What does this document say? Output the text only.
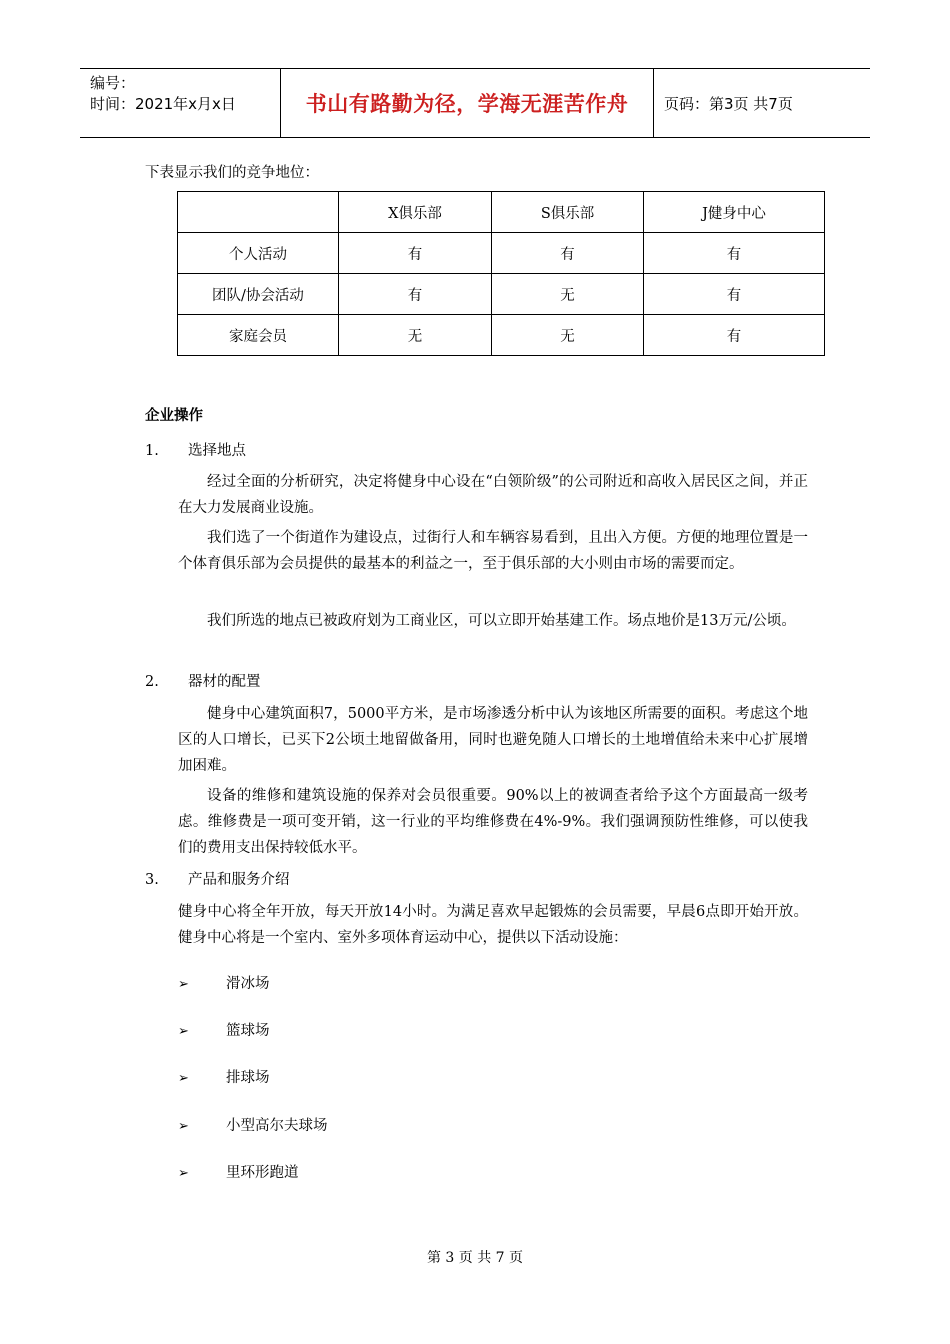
编号：
时间：2021年x月x日	书山有路勤为径，学海无涯苦作舟	页码：第3页 共7页
下表显示我们的竞争地位：
	X俱乐部	S俱乐部	J健身中心
个人活动	有	有	有
团队/协会活动	有	无	有
家庭会员	无	无	有
企业操作
1. 选择地点
经过全面的分析研究，决定将健身中心设在“白领阶级”的公司附近和高收入居民区之间，并正在大力发展商业设施。
我们选了一个街道作为建设点，过街行人和车辆容易看到，且出入方便。方便的地理位置是一个体育俱乐部为会员提供的最基本的利益之一，至于俱乐部的大小则由市场的需要而定。
我们所选的地点已被政府划为工商业区，可以立即开始基建工作。场点地价是13万元/公顷。
2. 器材的配置
健身中心建筑面积7，5000平方米，是市场渗透分析中认为该地区所需要的面积。考虑这个地区的人口增长，已买下2公顷土地留做备用，同时也避免随人口增长的土地增值给未来中心扩展增加困难。
设备的维修和建筑设施的保养对会员很重要。90%以上的被调查者给予这个方面最高一级考虑。维修费是一项可变开销，这一行业的平均维修费在4%-9%。我们强调预防性维修，可以使我们的费用支出保持较低水平。
3. 产品和服务介绍
健身中心将全年开放，每天开放14小时。为满足喜欢早起锻炼的会员需要，早晨6点即开始开放。健身中心将是一个室内、室外多项体育运动中心，提供以下活动设施：
➢	滑冰场
➢	篮球场
➢	排球场
➢	小型高尔夫球场
➢	里环形跑道
第 3 页 共 7 页
